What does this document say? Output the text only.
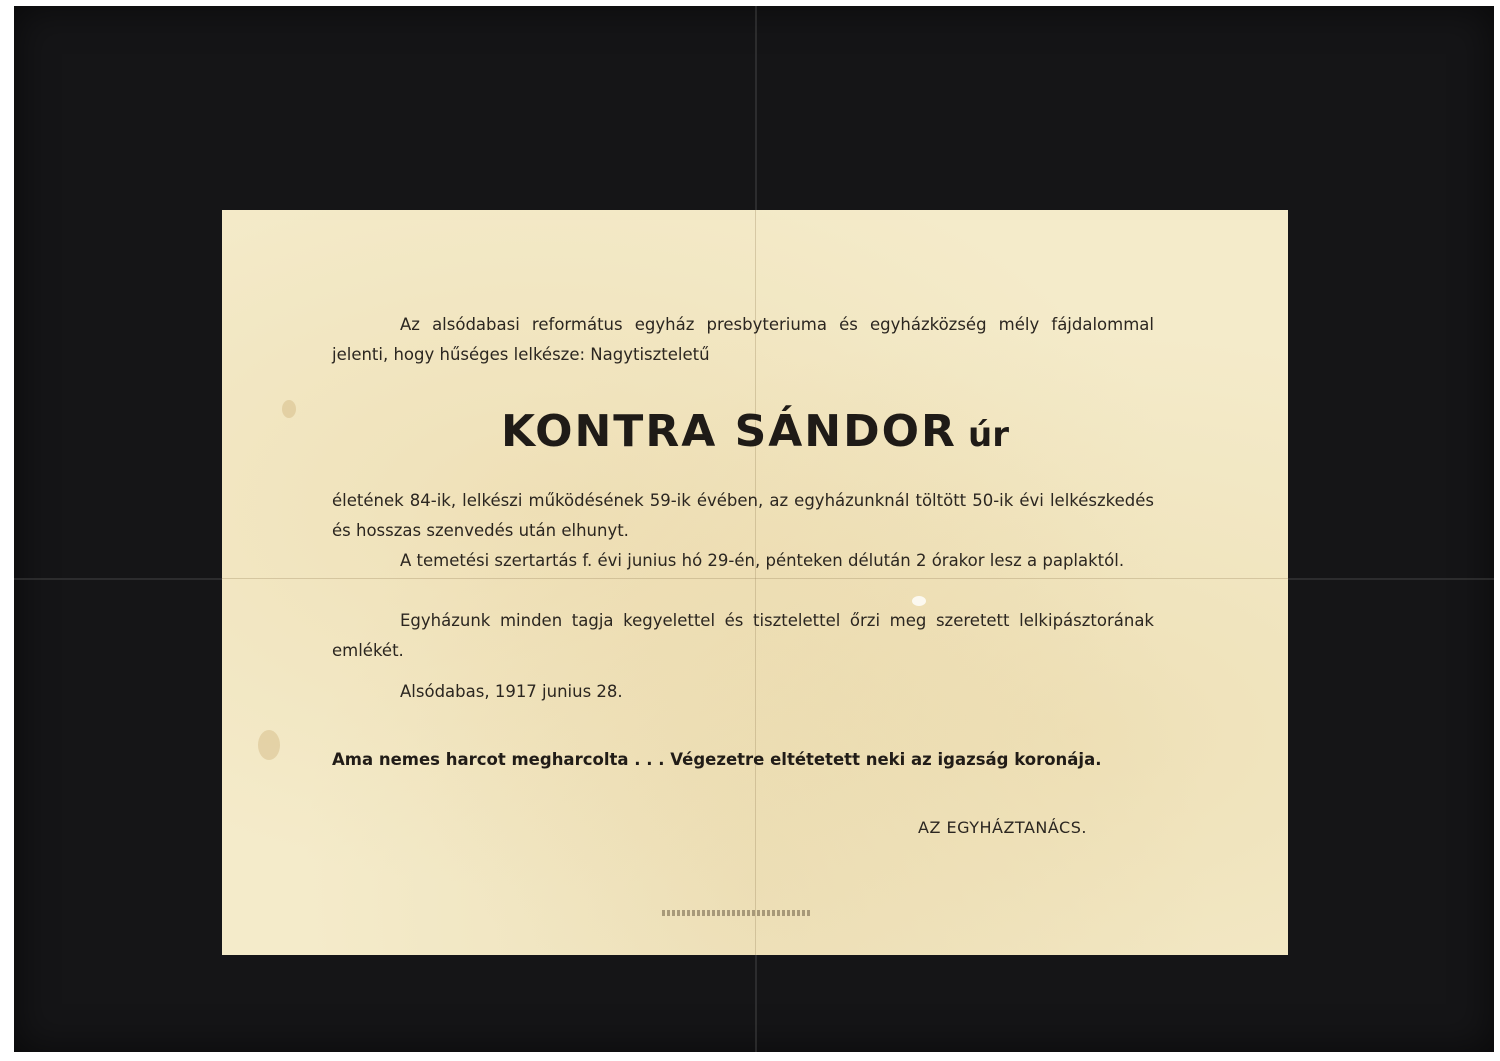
Az alsódabasi református egyház presbyteriuma és egyházközség mély fájdalommal jelenti, hogy hűséges lelkésze: Nagytiszteletű
KONTRA SÁNDOR úr
életének 84-ik, lelkészi működésének 59-ik évében, az egyházunknál töltött 50-ik évi lelkészkedés és hosszas szenvedés után elhunyt.
A temetési szertartás f. évi junius hó 29-én, pénteken délután 2 órakor lesz a paplaktól.
Egyházunk minden tagja kegyelettel és tisztelettel őrzi meg szeretett lelkipásztorának emlékét.
Alsódabas, 1917 junius 28.
Ama nemes harcot megharcolta . . . Végezetre eltétetett neki az igazság koronája.
AZ EGYHÁZTANÁCS.
